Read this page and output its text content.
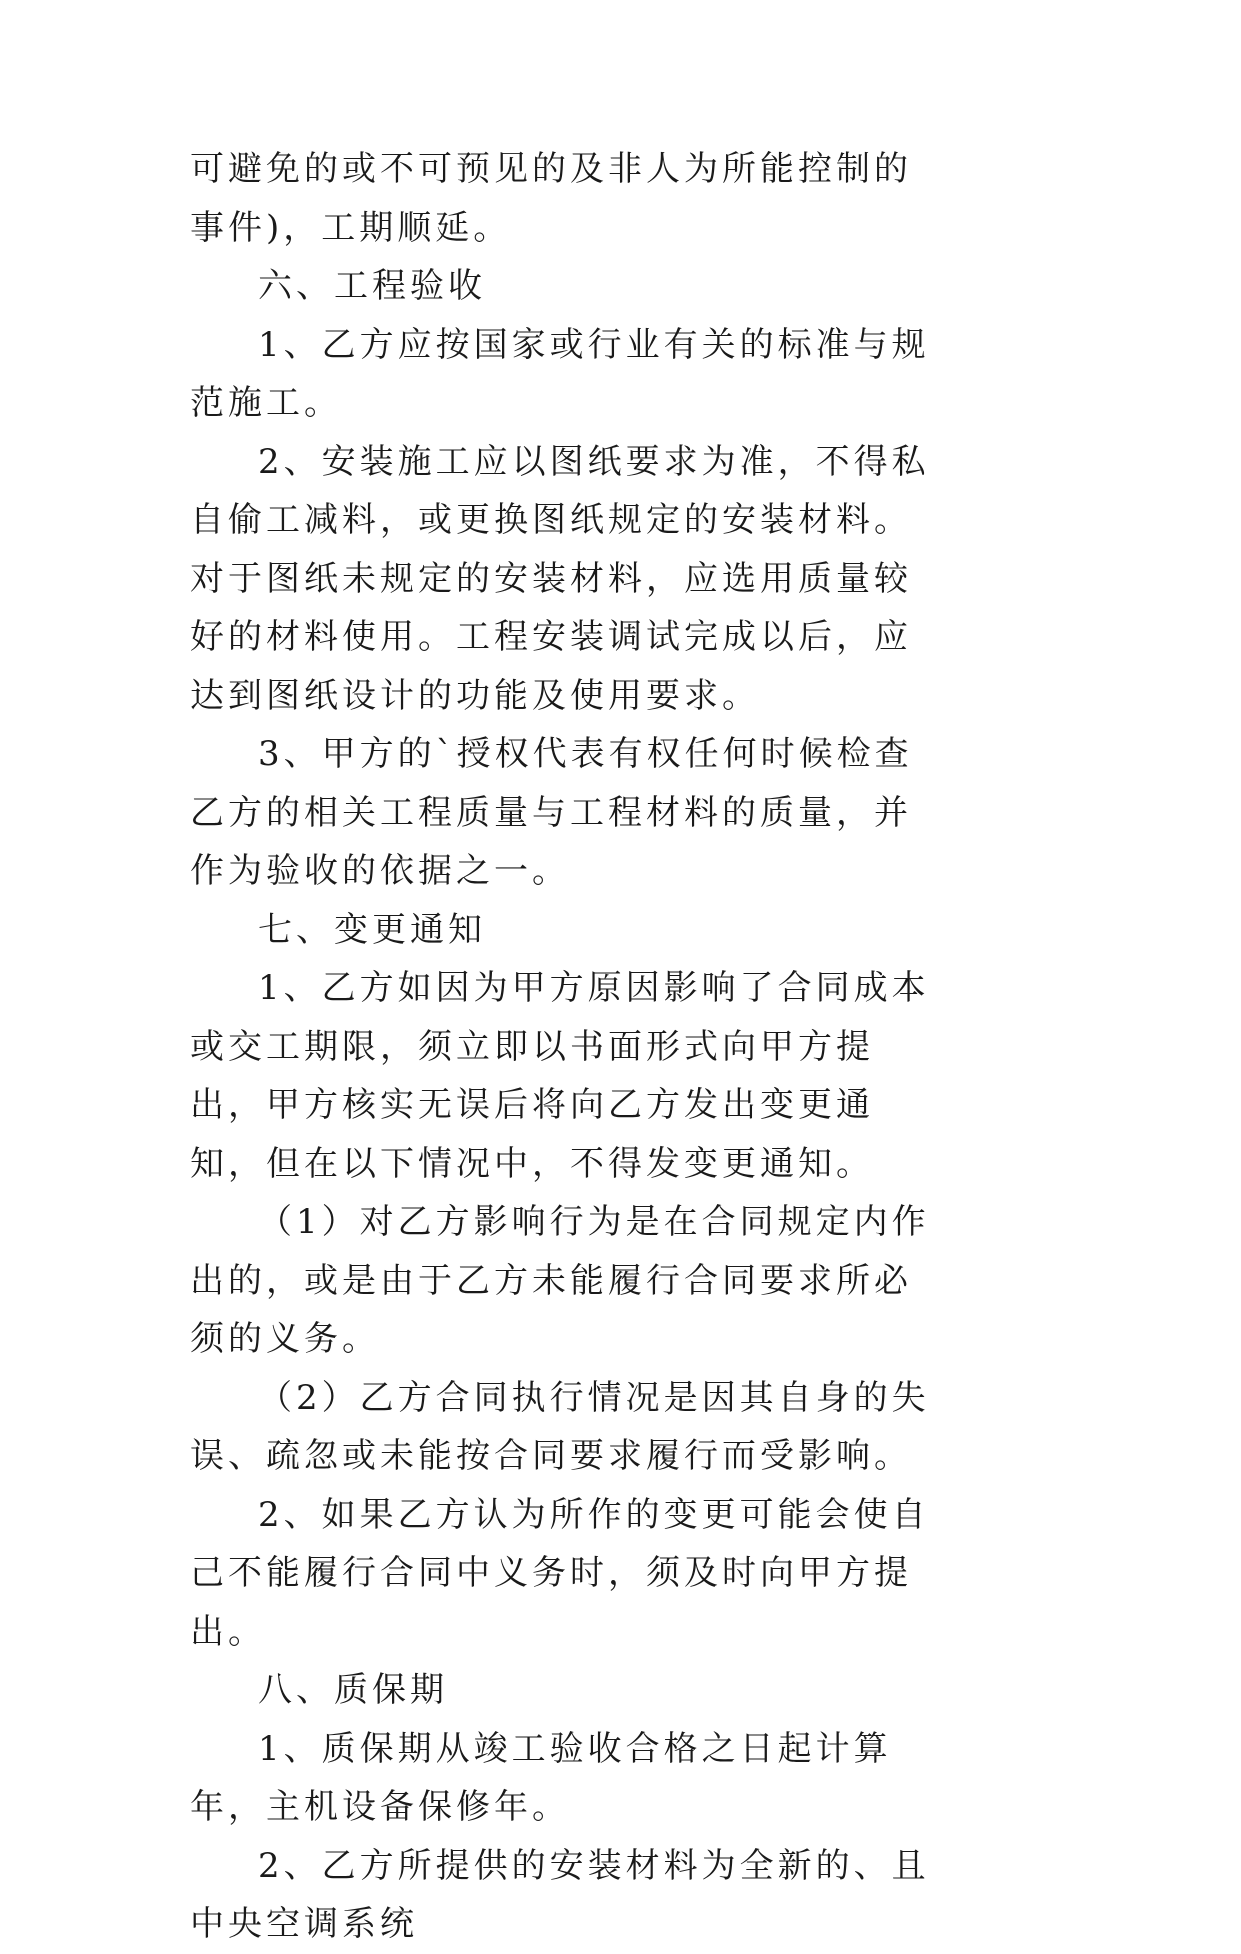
可避免的或不可预见的及非人为所能控制的事件)，工期顺延。

六、工程验收

1、乙方应按国家或行业有关的标准与规范施工。

2、安装施工应以图纸要求为准，不得私自偷工减料，或更换图纸规定的安装材料。对于图纸未规定的安装材料，应选用质量较好的材料使用。工程安装调试完成以后，应达到图纸设计的功能及使用要求。

3、甲方的`授权代表有权任何时候检查乙方的相关工程质量与工程材料的质量，并作为验收的依据之一。

七、变更通知

1、乙方如因为甲方原因影响了合同成本或交工期限，须立即以书面形式向甲方提出，甲方核实无误后将向乙方发出变更通知，但在以下情况中，不得发变更通知。

（1）对乙方影响行为是在合同规定内作出的，或是由于乙方未能履行合同要求所必须的义务。

（2）乙方合同执行情况是因其自身的失误、疏忽或未能按合同要求履行而受影响。

2、如果乙方认为所作的变更可能会使自己不能履行合同中义务时，须及时向甲方提出。

八、质保期

1、质保期从竣工验收合格之日起计算年，主机设备保修年。

2、乙方所提供的安装材料为全新的、且中央空调系统
